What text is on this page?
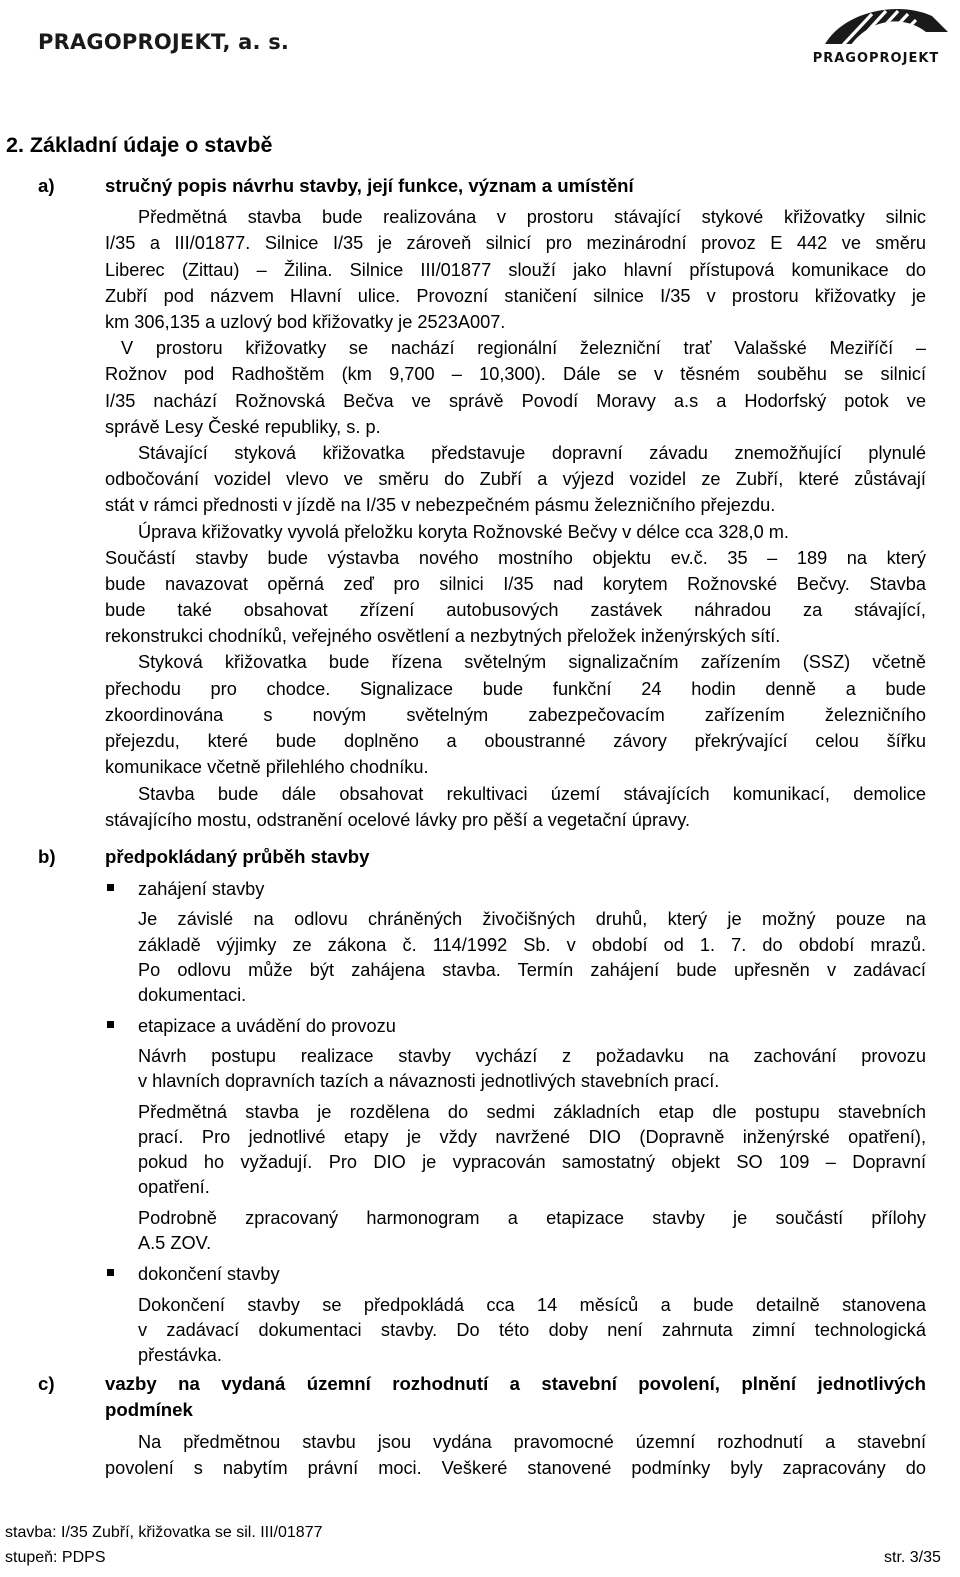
PRAGOPROJEKT, a. s.
PRAGOPROJEKT
2. Základní údaje o stavbě
a)	stručný popis návrhu stavby, její funkce, význam a umístění
Předmětná stavba bude realizována v prostoru stávající stykové křižovatky silnic
I/35 a III/01877. Silnice I/35 je zároveň silnicí pro mezinárodní provoz E 442 ve směru
Liberec (Zittau) – Žilina. Silnice III/01877 slouží jako hlavní přístupová komunikace do
Zubří pod názvem Hlavní ulice. Provozní staničení silnice I/35 v prostoru křižovatky je
km 306,135 a uzlový bod křižovatky je 2523A007.
V prostoru křižovatky se nachází regionální železniční trať Valašské Meziříčí –
Rožnov pod Radhoštěm (km 9,700 – 10,300). Dále se v těsném souběhu se silnicí
I/35 nachází Rožnovská Bečva ve správě Povodí Moravy a.s a Hodorfský potok ve
správě Lesy České republiky, s. p.
Stávající styková křižovatka představuje dopravní závadu znemožňující plynulé
odbočování vozidel vlevo ve směru do Zubří a výjezd vozidel ze Zubří, které zůstávají
stát v rámci přednosti v jízdě na I/35 v nebezpečném pásmu železničního přejezdu.
Úprava křižovatky vyvolá přeložku koryta Rožnovské Bečvy v délce cca 328,0 m.
Součástí stavby bude výstavba nového mostního objektu ev.č. 35 – 189 na který
bude navazovat opěrná zeď pro silnici I/35 nad korytem Rožnovské Bečvy. Stavba
bude také obsahovat zřízení autobusových zastávek náhradou za stávající,
rekonstrukci chodníků, veřejného osvětlení a nezbytných přeložek inženýrských sítí.
Styková křižovatka bude řízena světelným signalizačním zařízením (SSZ) včetně
přechodu pro chodce. Signalizace bude funkční 24 hodin denně a bude
zkoordinována s novým světelným zabezpečovacím zařízením železničního
přejezdu, které bude doplněno a oboustranné závory překrývající celou šířku
komunikace včetně přilehlého chodníku.
Stavba bude dále obsahovat rekultivaci území stávajících komunikací, demolice
stávajícího mostu, odstranění ocelové lávky pro pěší a vegetační úpravy.
b)	předpokládaný průběh stavby
zahájení stavby
Je závislé na odlovu chráněných živočišných druhů, který je možný pouze na
základě výjimky ze zákona č. 114/1992 Sb. v období od 1. 7. do období mrazů.
Po odlovu může být zahájena stavba. Termín zahájení bude upřesněn v zadávací
dokumentaci.
etapizace a uvádění do provozu
Návrh postupu realizace stavby vychází z požadavku na zachování provozu
v hlavních dopravních tazích a návaznosti jednotlivých stavebních prací.
Předmětná stavba je rozdělena do sedmi základních etap dle postupu stavebních
prací. Pro jednotlivé etapy je vždy navržené DIO (Dopravně inženýrské opatření),
pokud ho vyžadují. Pro DIO je vypracován samostatný objekt SO 109 – Dopravní
opatření.
Podrobně zpracovaný harmonogram a etapizace stavby je součástí přílohy
A.5 ZOV.
dokončení stavby
Dokončení stavby se předpokládá cca 14 měsíců a bude detailně stanovena
v zadávací dokumentaci stavby. Do této doby není zahrnuta zimní technologická
přestávka.
c)	vazby na vydaná územní rozhodnutí a stavební povolení, plnění jednotlivých
podmínek
Na předmětnou stavbu jsou vydána pravomocné územní rozhodnutí a stavební
povolení s nabytím právní moci. Veškeré stanovené podmínky byly zapracovány do
stavba: I/35 Zubří, křižovatka se sil. III/01877
stupeň: PDPS	str. 3/35
